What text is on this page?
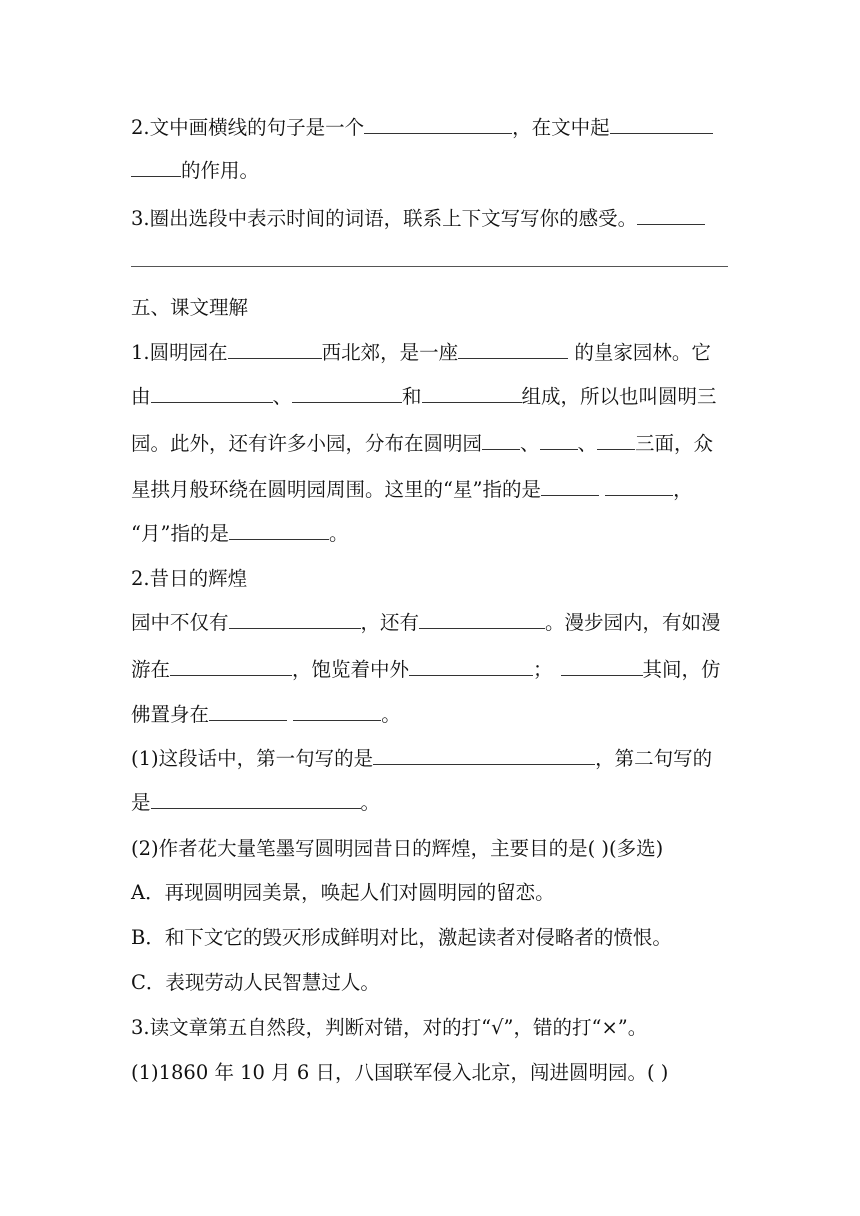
2.文中画横线的句子是一个	，在文中起
的作用。
3.圈出选段中表示时间的词语，联系上下文写写你的感受。
五、课文理解
1.圆明园在	西北郊，是一座	的皇家园林。它
由	、	和	组成，所以也叫圆明三
园。此外，还有许多小园，分布在圆明园 、 、 三面，众
星拱月般环绕在圆明园周围。这里的“星”指的是	，
“月”指的是	。
2.昔日的辉煌
园中不仅有	，还有	。漫步园内，有如漫
游在	，饱览着中外	；	其间，仿
佛置身在	。
(1)这段话中，第一句写的是	，第二句写的
是	。
(2)作者花大量笔墨写圆明园昔日的辉煌，主要目的是( )(多选)
A．再现圆明园美景，唤起人们对圆明园的留恋。
B．和下文它的毁灭形成鲜明对比，激起读者对侵略者的愤恨。
C．表现劳动人民智慧过人。
3.读文章第五自然段，判断对错，对的打“√”，错的打“×”。
(1)1860 年 10 月 6 日，八国联军侵入北京，闯进圆明园。( )
